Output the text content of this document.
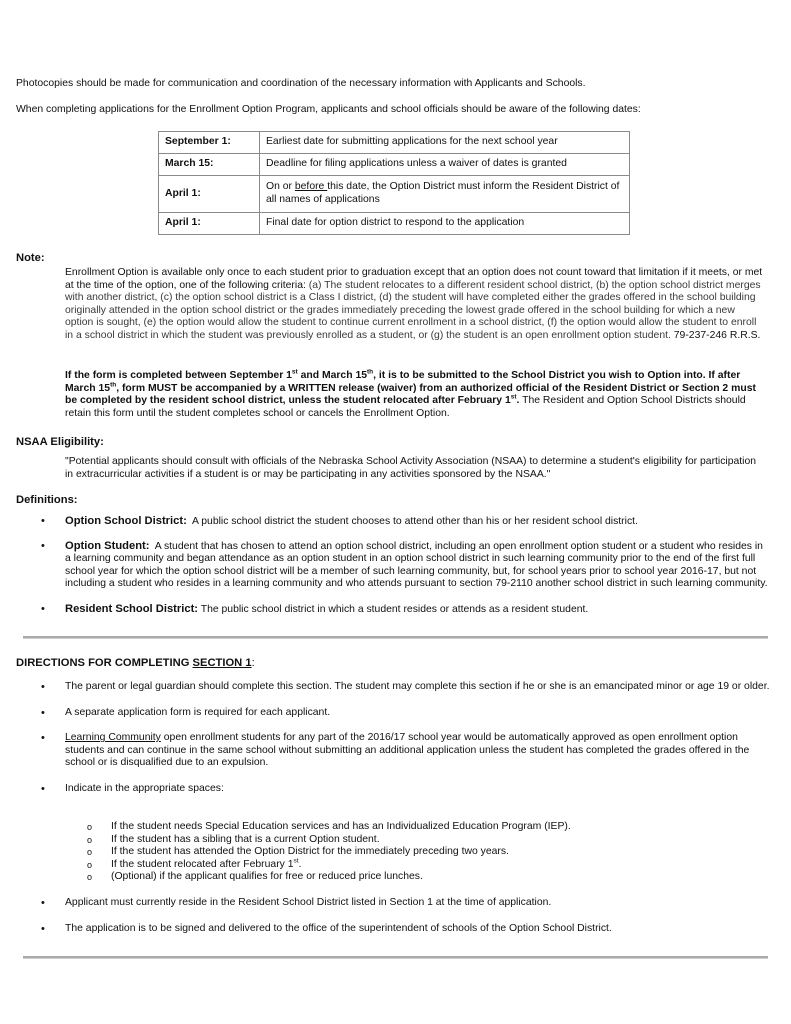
Photocopies should be made for communication and coordination of the necessary information with Applicants and Schools.
When completing applications for the Enrollment Option Program, applicants and school officials should be aware of the following dates:
September 1:	Earliest date for submitting applications for the next school year
March 15:	Deadline for filing applications unless a waiver of dates is granted
April 1:	On or before this date, the Option District must inform the Resident District of all names of applications
April 1:	Final date for option district to respond to the application
Note:
Enrollment Option is available only once to each student prior to graduation except that an option does not count toward that limitation if it meets, or met at the time of the option, one of the following criteria: (a) The student relocates to a different resident school district, (b) the option school district merges with another district, (c) the option school district is a Class I district, (d) the student will have completed either the grades offered in the school building originally attended in the option school district or the grades immediately preceding the lowest grade offered in the school building for which a new option is sought, (e) the option would allow the student to continue current enrollment in a school district, (f) the option would allow the student to enroll in a school district in which the student was previously enrolled as a student, or (g) the student is an open enrollment option student. 79-237-246 R.R.S.
If the form is completed between September 1st and March 15th, it is to be submitted to the School District you wish to Option into. If after March 15th, form MUST be accompanied by a WRITTEN release (waiver) from an authorized official of the Resident District or Section 2 must be completed by the resident school district, unless the student relocated after February 1st. The Resident and Option School Districts should retain this form until the student completes school or cancels the Enrollment Option.
NSAA Eligibility:
"Potential applicants should consult with officials of the Nebraska School Activity Association (NSAA) to determine a student's eligibility for participation in extracurricular activities if a student is or may be participating in any activities sponsored by the NSAA."
Definitions:
• Option School District:  A public school district the student chooses to attend other than his or her resident school district.
• Option Student:  A student that has chosen to attend an option school district, including an open enrollment option student or a student who resides in a learning community and began attendance as an option student in an option school district in such learning community prior to the end of the first full school year for which the option school district will be a member of such learning community, but, for school years prior to school year 2016-17, but not including a student who resides in a learning community and who attends pursuant to section 79-2110 another school district in such learning community.
• Resident School District: The public school district in which a student resides or attends as a resident student.
DIRECTIONS FOR COMPLETING SECTION 1:
• The parent or legal guardian should complete this section. The student may complete this section if he or she is an emancipated minor or age 19 or older.
• A separate application form is required for each applicant.
• Learning Community open enrollment students for any part of the 2016/17 school year would be automatically approved as open enrollment option students and can continue in the same school without submitting an additional application unless the student has completed the grades offered in the school or is disqualified due to an expulsion.
• Indicate in the appropriate spaces:
o If the student needs Special Education services and has an Individualized Education Program (IEP).
o If the student has a sibling that is a current Option student.
o If the student has attended the Option District for the immediately preceding two years.
o If the student relocated after February 1st.
o (Optional) if the applicant qualifies for free or reduced price lunches.
• Applicant must currently reside in the Resident School District listed in Section 1 at the time of application.
• The application is to be signed and delivered to the office of the superintendent of schools of the Option School District.
